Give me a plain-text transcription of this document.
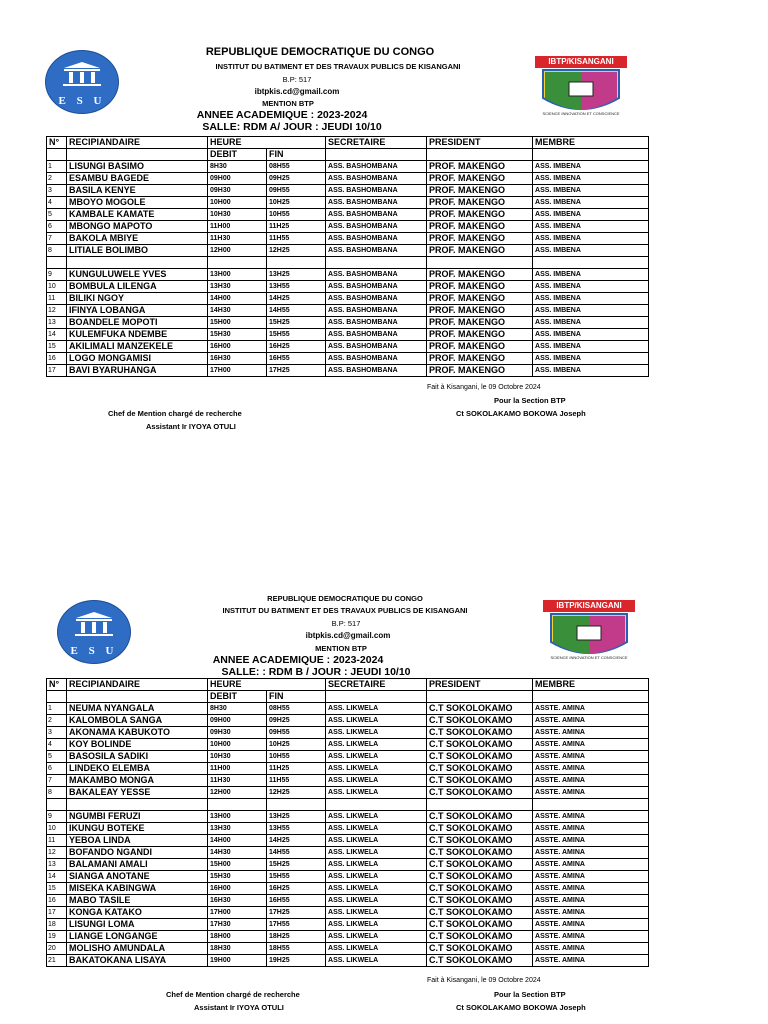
E S U
REPUBLIQUE DEMOCRATIQUE DU CONGO
INSTITUT DU BATIMENT ET DES TRAVAUX PUBLICS DE KISANGANI
B.P: 517
ibtpkis.cd@gmail.com
MENTION BTP
ANNEE ACADEMIQUE : 2023-2024
SALLE: RDM A/ JOUR : JEUDI 10/10
IBTP/KISANGANI
SCIENCE INNOVATION ET CONSCIENCE
N°	RECIPIANDAIRE	HEURE		SECRETAIRE	PRESIDENT	MEMBRE
		DEBIT	FIN			
1	LISUNGI BASIMO	8H30	08H55	ASS. BASHOMBANA	PROF. MAKENGO	ASS. IMBENA
2	ESAMBU BAGEDE	09H00	09H25	ASS. BASHOMBANA	PROF. MAKENGO	ASS. IMBENA
3	BASILA KENYE	09H30	09H55	ASS. BASHOMBANA	PROF. MAKENGO	ASS. IMBENA
4	MBOYO MOGOLE	10H00	10H25	ASS. BASHOMBANA	PROF. MAKENGO	ASS. IMBENA
5	KAMBALE KAMATE	10H30	10H55	ASS. BASHOMBANA	PROF. MAKENGO	ASS. IMBENA
6	MBONGO MAPOTO	11H00	11H25	ASS. BASHOMBANA	PROF. MAKENGO	ASS. IMBENA
7	BAKOLA MBIYE	11H30	11H55	ASS. BASHOMBANA	PROF. MAKENGO	ASS. IMBENA
8	LITIALE BOLIMBO	12H00	12H25	ASS. BASHOMBANA	PROF. MAKENGO	ASS. IMBENA

9	KUNGULUWELE YVES	13H00	13H25	ASS. BASHOMBANA	PROF. MAKENGO	ASS. IMBENA
10	BOMBULA LILENGA	13H30	13H55	ASS. BASHOMBANA	PROF. MAKENGO	ASS. IMBENA
11	BILIKI NGOY	14H00	14H25	ASS. BASHOMBANA	PROF. MAKENGO	ASS. IMBENA
12	IFINYA LOBANGA	14H30	14H55	ASS. BASHOMBANA	PROF. MAKENGO	ASS. IMBENA
13	BOANDELE MOPOTI	15H00	15H25	ASS. BASHOMBANA	PROF. MAKENGO	ASS. IMBENA
14	KULEMFUKA NDEMBE	15H30	15H55	ASS. BASHOMBANA	PROF. MAKENGO	ASS. IMBENA
15	AKILIMALI MANZEKELE	16H00	16H25	ASS. BASHOMBANA	PROF. MAKENGO	ASS. IMBENA
16	LOGO MONGAMISI	16H30	16H55	ASS. BASHOMBANA	PROF. MAKENGO	ASS. IMBENA
17	BAVI BYARUHANGA	17H00	17H25	ASS. BASHOMBANA	PROF. MAKENGO	ASS. IMBENA
Fait à Kisangani, le 09 Octobre 2024
Pour la Section BTP
Ct SOKOLAKAMO BOKOWA Joseph
Chef de Mention chargé de recherche
Assistant Ir IYOYA OTULI
E S U
REPUBLIQUE DEMOCRATIQUE DU CONGO
INSTITUT DU BATIMENT ET DES TRAVAUX PUBLICS DE KISANGANI
B.P: 517
ibtpkis.cd@gmail.com
MENTION BTP
ANNEE ACADEMIQUE : 2023-2024
SALLE: : RDM B / JOUR : JEUDI 10/10
IBTP/KISANGANI
SCIENCE INNOVATION ET CONSCIENCE
N°	RECIPIANDAIRE	HEURE		SECRETAIRE	PRESIDENT	MEMBRE
		DEBIT	FIN			
1	NEUMA NYANGALA	8H30	08H55	ASS. LIKWELA	C.T SOKOLOKAMO	ASSTE. AMINA
2	KALOMBOLA SANGA	09H00	09H25	ASS. LIKWELA	C.T SOKOLOKAMO	ASSTE. AMINA
3	AKONAMA KABUKOTO	09H30	09H55	ASS. LIKWELA	C.T SOKOLOKAMO	ASSTE. AMINA
4	KOY BOLINDE	10H00	10H25	ASS. LIKWELA	C.T SOKOLOKAMO	ASSTE. AMINA
5	BASOSILA SADIKI	10H30	10H55	ASS. LIKWELA	C.T SOKOLOKAMO	ASSTE. AMINA
6	LINDEKO ELEMBA	11H00	11H25	ASS. LIKWELA	C.T SOKOLOKAMO	ASSTE. AMINA
7	MAKAMBO MONGA	11H30	11H55	ASS. LIKWELA	C.T SOKOLOKAMO	ASSTE. AMINA
8	BAKALEAY YESSE	12H00	12H25	ASS. LIKWELA	C.T SOKOLOKAMO	ASSTE. AMINA

9	NGUMBI FERUZI	13H00	13H25	ASS. LIKWELA	C.T SOKOLOKAMO	ASSTE. AMINA
10	IKUNGU BOTEKE	13H30	13H55	ASS. LIKWELA	C.T SOKOLOKAMO	ASSTE. AMINA
11	YEBOA LINDA	14H00	14H25	ASS. LIKWELA	C.T SOKOLOKAMO	ASSTE. AMINA
12	BOFANDO NGANDI	14H30	14H55	ASS. LIKWELA	C.T SOKOLOKAMO	ASSTE. AMINA
13	BALAMANI AMALI	15H00	15H25	ASS. LIKWELA	C.T SOKOLOKAMO	ASSTE. AMINA
14	SIANGA ANOTANE	15H30	15H55	ASS. LIKWELA	C.T SOKOLOKAMO	ASSTE. AMINA
15	MISEKA KABINGWA	16H00	16H25	ASS. LIKWELA	C.T SOKOLOKAMO	ASSTE. AMINA
16	MABO TASILE	16H30	16H55	ASS. LIKWELA	C.T SOKOLOKAMO	ASSTE. AMINA
17	KONGA KATAKO	17H00	17H25	ASS. LIKWELA	C.T SOKOLOKAMO	ASSTE. AMINA
18	LISUNGI LOMA	17H30	17H55	ASS. LIKWELA	C.T SOKOLOKAMO	ASSTE. AMINA
19	LIANGE LONGANGE	18H00	18H25	ASS. LIKWELA	C.T SOKOLOKAMO	ASSTE. AMINA
20	MOLISHO AMUNDALA	18H30	18H55	ASS. LIKWELA	C.T SOKOLOKAMO	ASSTE. AMINA
21	BAKATOKANA LISAYA	19H00	19H25	ASS. LIKWELA	C.T SOKOLOKAMO	ASSTE. AMINA
Fait à Kisangani, le 09 Octobre 2024
Pour la Section BTP
Ct SOKOLAKAMO BOKOWA Joseph
Chef de Mention chargé de recherche
Assistant Ir IYOYA OTULI
